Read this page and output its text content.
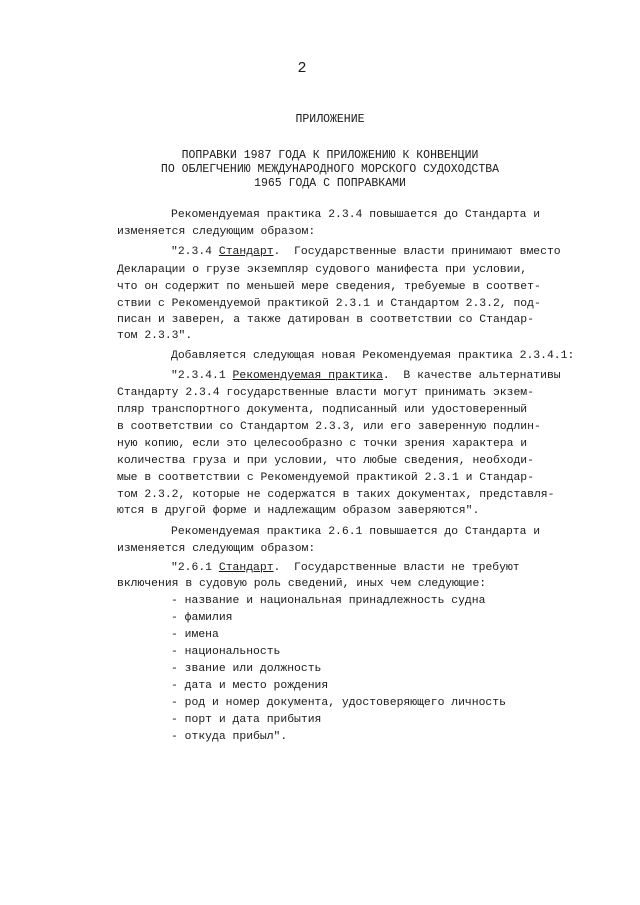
2
ПРИЛОЖЕНИЕ
ПОПРАВКИ 1987 ГОДА К ПРИЛОЖЕНИЮ К КОНВЕНЦИИ
ПО ОБЛЕГЧЕНИЮ МЕЖДУНАРОДНОГО МОРСКОГО СУДОХОДСТВА
1965 ГОДА С ПОПРАВКАМИ
Рекомендуемая практика 2.3.4 повышается до Стандарта и
изменяется следующим образом:
"2.3.4 Стандарт.  Государственные власти принимают вместо
Декларации о грузе экземпляр судового манифеста при условии,
что он содержит по меньшей мере сведения, требуемые в соответ-
ствии с Рекомендуемой практикой 2.3.1 и Стандартом 2.3.2, под-
писан и заверен, а также датирован в соответствии со Стандар-
том 2.3.3".
Добавляется следующая новая Рекомендуемая практика 2.3.4.1:
"2.3.4.1 Рекомендуемая практика.  В качестве альтернативы
Стандарту 2.3.4 государственные власти могут принимать экзем-
пляр транспортного документа, подписанный или удостоверенный
в соответствии со Стандартом 2.3.3, или его заверенную подлин-
ную копию, если это целесообразно с точки зрения характера и
количества груза и при условии, что любые сведения, необходи-
мые в соответствии с Рекомендуемой практикой 2.3.1 и Стандар-
том 2.3.2, которые не содержатся в таких документах, представля-
ются в другой форме и надлежащим образом заверяются".
Рекомендуемая практика 2.6.1 повышается до Стандарта и
изменяется следующим образом:
"2.6.1 Стандарт.  Государственные власти не требуют
включения в судовую роль сведений, иных чем следующие:
- название и национальная принадлежность судна
- фамилия
- имена
- национальность
- звание или должность
- дата и место рождения
- род и номер документа, удостоверяющего личность
- порт и дата прибытия
- откуда прибыл".
